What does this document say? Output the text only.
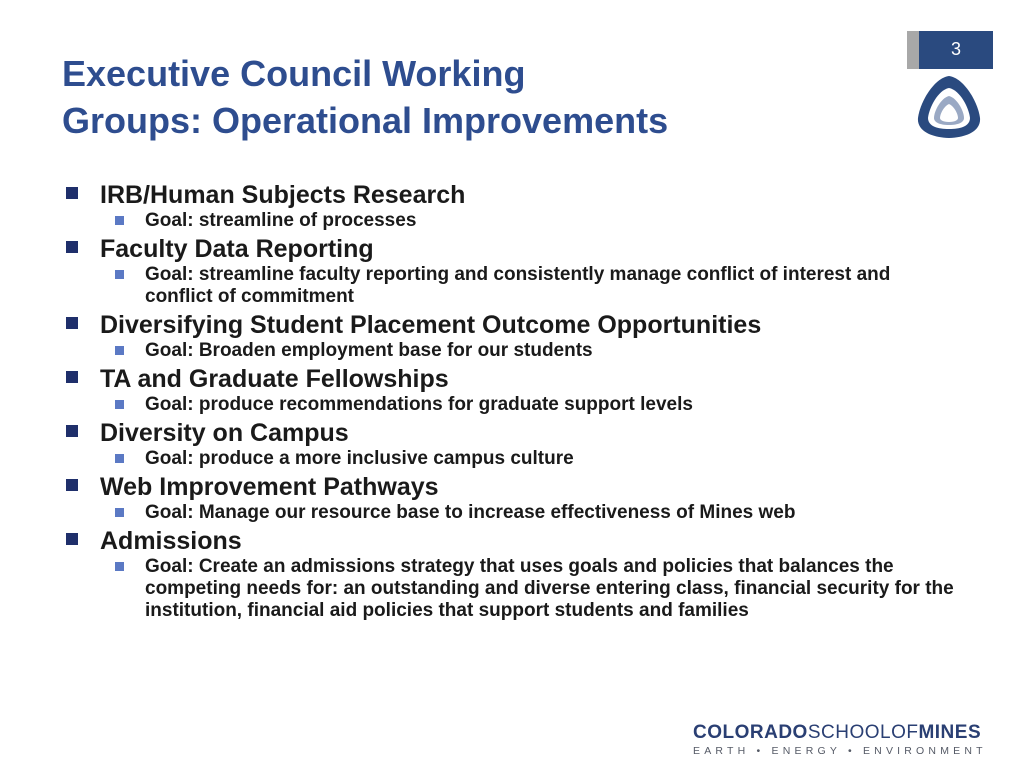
Executive Council Working
Groups: Operational Improvements
3
IRB/Human Subjects Research
Goal: streamline of processes
Faculty Data Reporting
Goal: streamline faculty reporting and consistently manage conflict of interest and conflict of commitment
Diversifying Student Placement Outcome Opportunities
Goal: Broaden employment base for our students
TA and Graduate Fellowships
Goal: produce recommendations for graduate support levels
Diversity on Campus
Goal: produce a more inclusive campus culture
Web Improvement Pathways
Goal: Manage our resource base to increase effectiveness of Mines web
Admissions
Goal: Create an admissions strategy that uses goals and policies that balances the competing needs for: an outstanding and diverse entering class, financial security for the institution, financial aid policies that support students and families
COLORADOSCHOOLOFMINES
EARTH • ENERGY • ENVIRONMENT
